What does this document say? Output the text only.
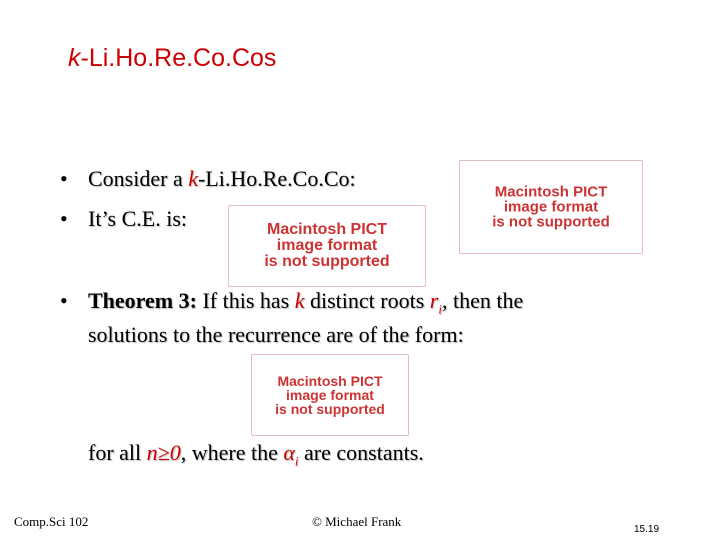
k-Li.Ho.Re.Co.Cos
• Consider a k-Li.Ho.Re.Co.Co:
• It’s C.E. is:
Macintosh PICT
image format
is not supported
Macintosh PICT
image format
is not supported
• Theorem 3: If this has k distinct roots $r_i$, then the
solutions to the recurrence are of the form:
Macintosh PICT
image format
is not supported
for all n≥0, where the $\alpha_i$ are constants.
Comp.Sci 102	© Michael Frank
15.19
